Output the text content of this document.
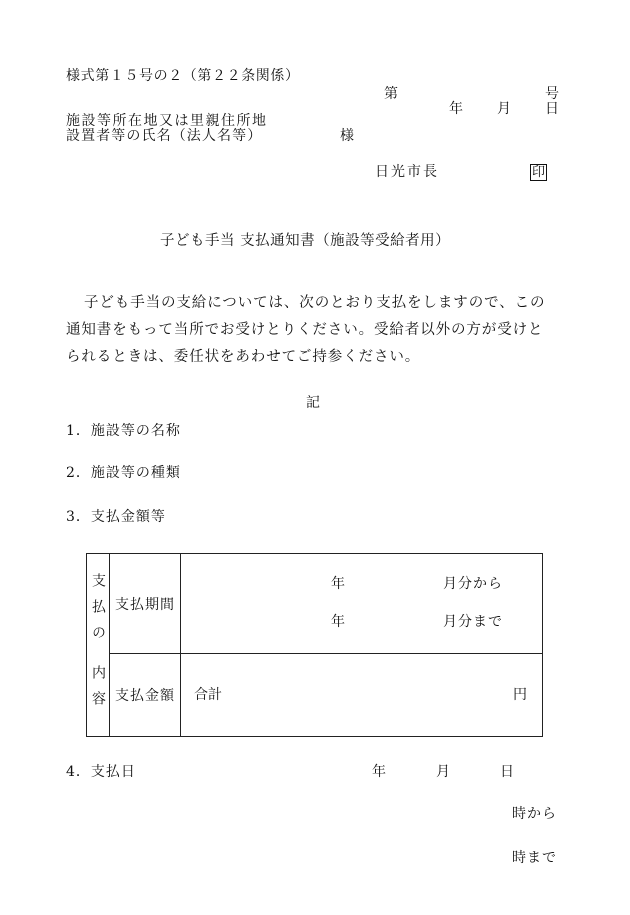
様式第１５号の２（第２２条関係）
第	号
年 月 日
施設等所在地又は里親住所地
設置者等の氏名（法人名等）	様
日光市長	印
子ども手当 支払通知書（施設等受給者用）
子ども手当の支給については、次のとおり支払をしますので、この
通知書をもって当所でお受けとりください。受給者以外の方が受けと
られるときは、委任状をあわせてご持参ください。
記
1．施設等の名称
2．施設等の種類
3．支払金額等
支払の
内容	支払期間	年 月分から
年 月分まで

	支払金額	合計 円
4．支払日	年	月	日
時から
時まで
